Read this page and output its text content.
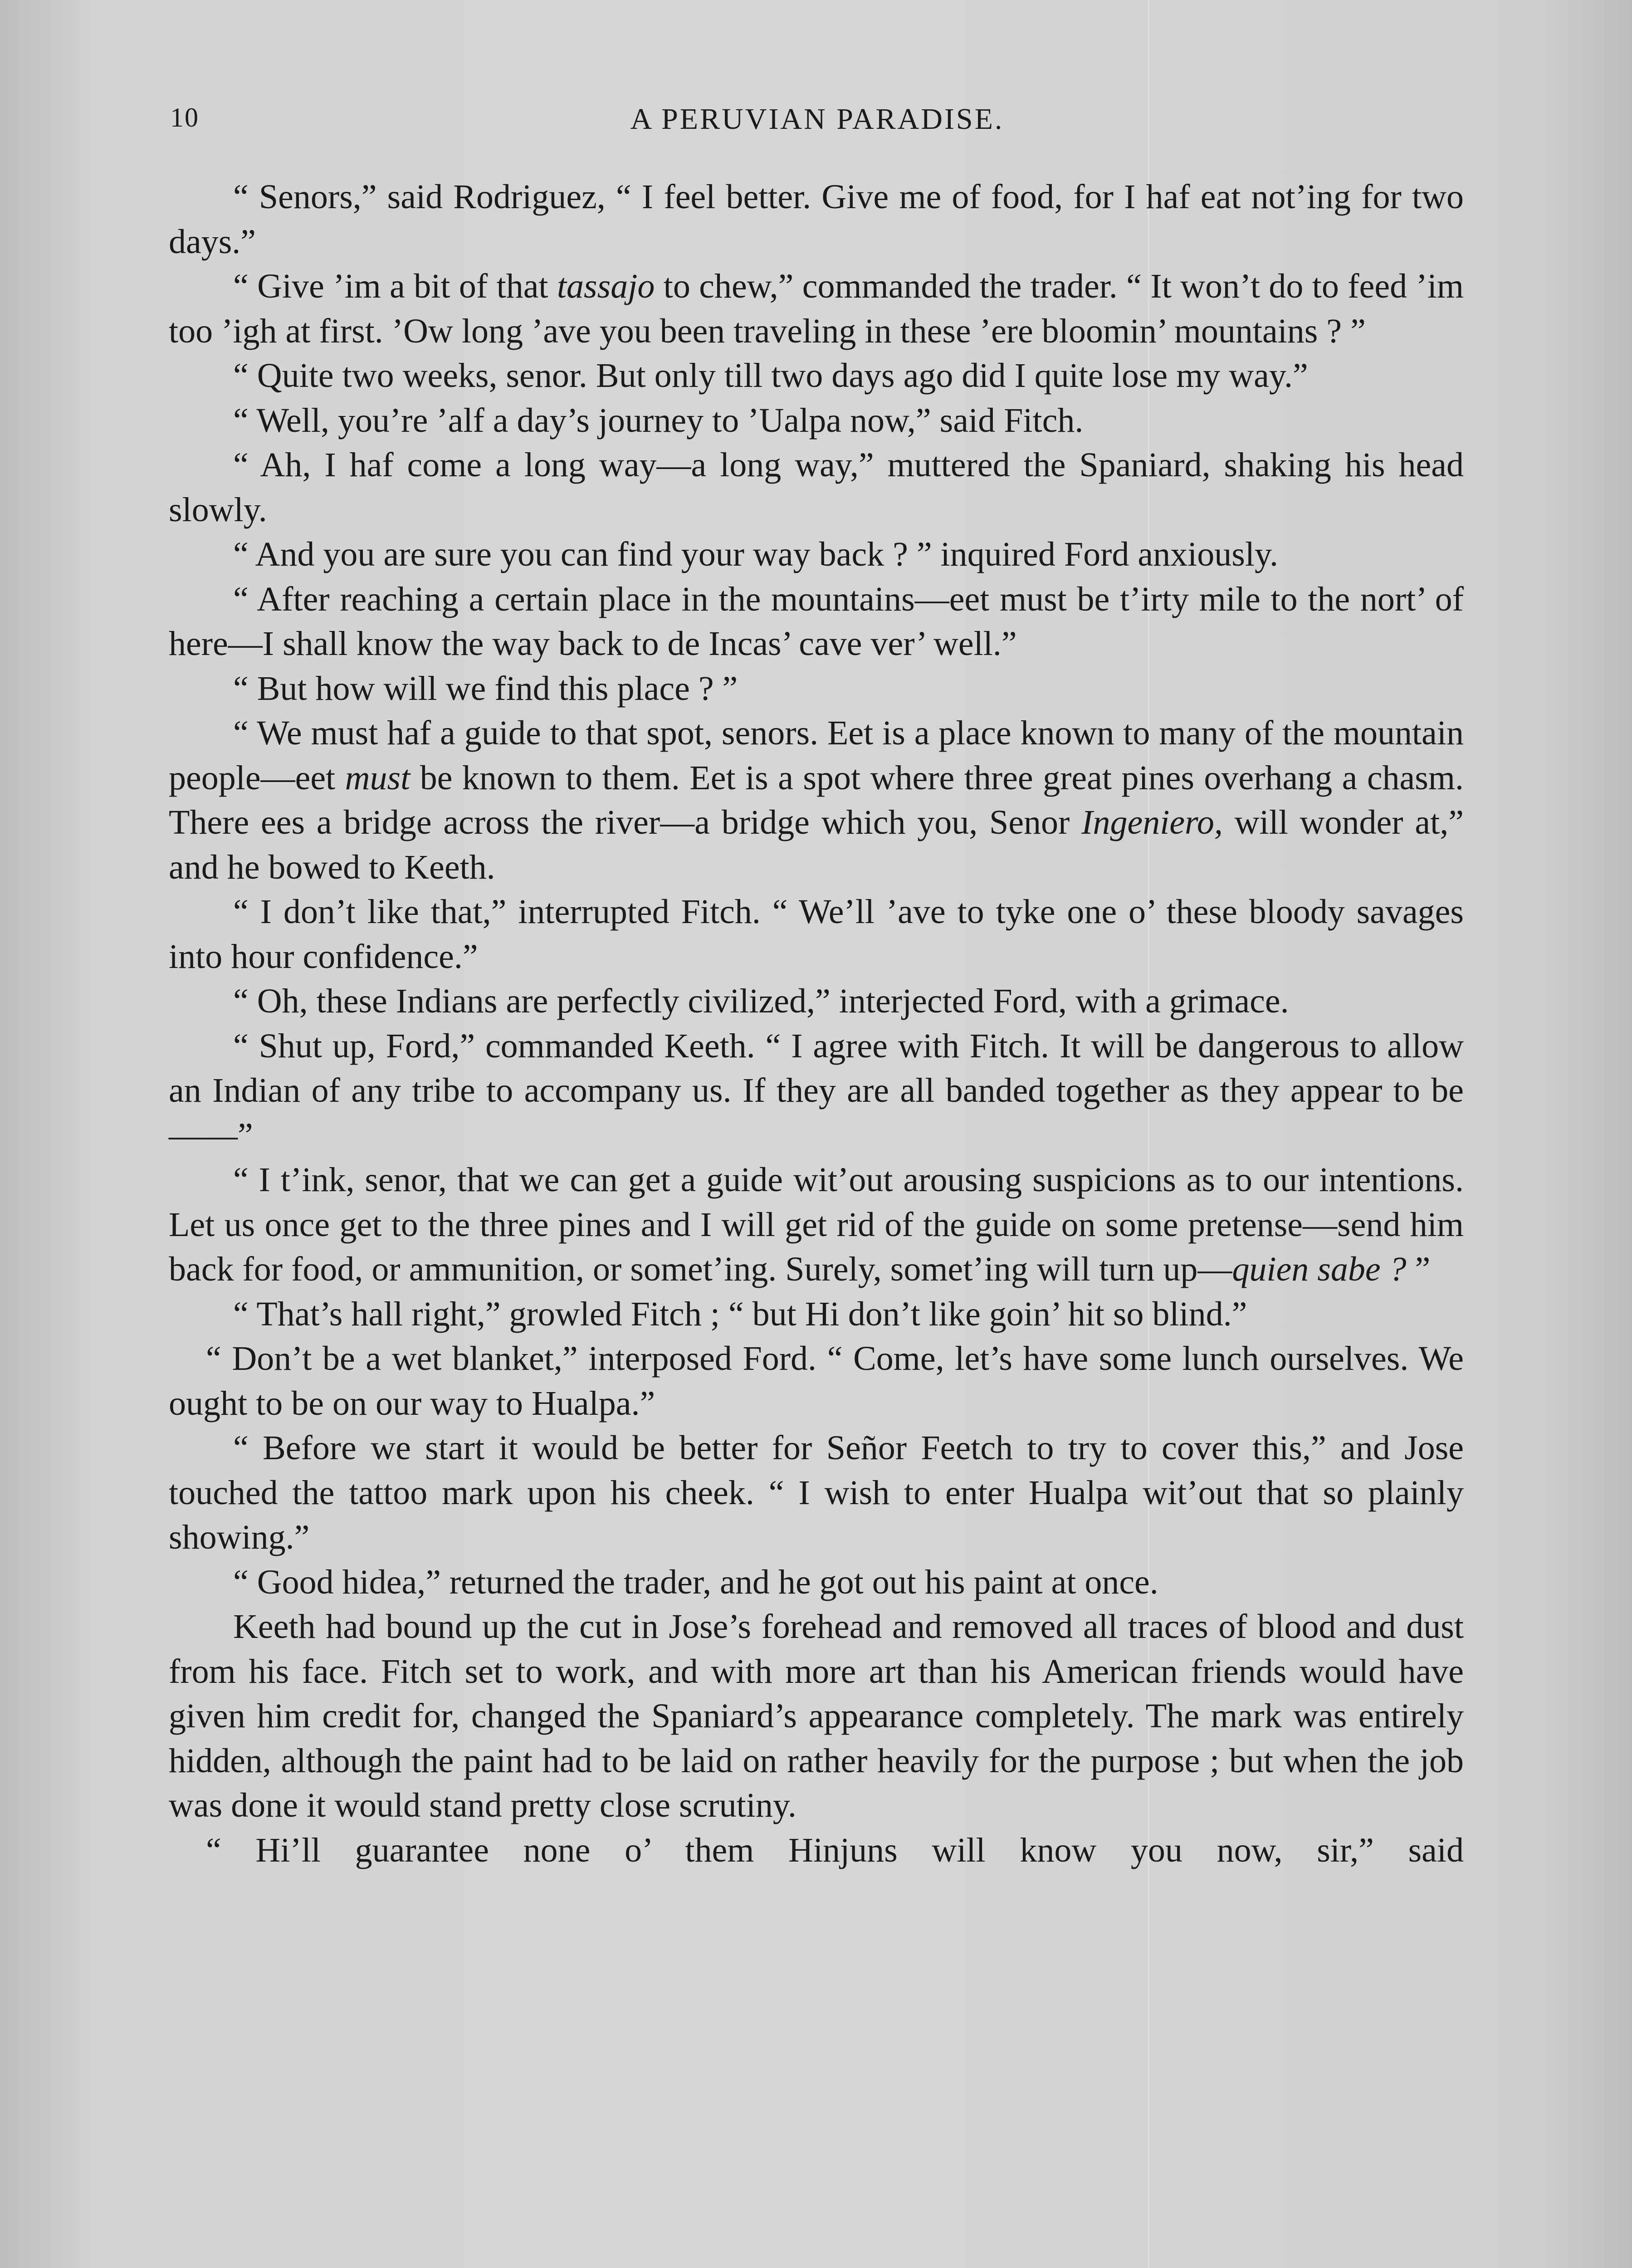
10	A PERUVIAN PARADISE.

“ Senors,” said Rodriguez, “ I feel better. Give me of food, for I haf eat not’ing for two days.”

“ Give ’im a bit of that tassajo to chew,” commanded the trader. “ It won’t do to feed ’im too ’igh at first. ’Ow long ’ave you been traveling in these ’ere bloomin’ mountains ? ”

“ Quite two weeks, senor. But only till two days ago did I quite lose my way.”

“ Well, you’re ’alf a day’s journey to ’Ualpa now,” said Fitch.

“ Ah, I haf come a long way—a long way,” muttered the Spaniard, shaking his head slowly.

“ And you are sure you can find your way back ? ” inquired Ford anxiously.

“ After reaching a certain place in the mountains—eet must be t’irty mile to the nort’ of here—I shall know the way back to de Incas’ cave ver’ well.”

“ But how will we find this place ? ”

“ We must haf a guide to that spot, senors. Eet is a place known to many of the mountain people—eet must be known to them. Eet is a spot where three great pines overhang a chasm. There ees a bridge across the river—a bridge which you, Senor Ingeniero, will wonder at,” and he bowed to Keeth.

“ I don’t like that,” interrupted Fitch. “ We’ll ’ave to tyke one o’ these bloody savages into hour confidence.”

“ Oh, these Indians are perfectly civilized,” interjected Ford, with a grimace.

“ Shut up, Ford,” commanded Keeth. “ I agree with Fitch. It will be dangerous to allow an Indian of any tribe to accompany us. If they are all banded together as they appear to be——”

“ I t’ink, senor, that we can get a guide wit’out arousing suspicions as to our intentions. Let us once get to the three pines and I will get rid of the guide on some pretense—send him back for food, or ammunition, or somet’ing. Surely, somet’ing will turn up—quien sabe ? ”

“ That’s hall right,” growled Fitch ; “ but Hi don’t like goin’ hit so blind.”

“ Don’t be a wet blanket,” interposed Ford. “ Come, let’s have some lunch ourselves. We ought to be on our way to Hualpa.”

“ Before we start it would be better for Señor Feetch to try to cover this,” and Jose touched the tattoo mark upon his cheek. “ I wish to enter Hualpa wit’out that so plainly showing.”

“ Good hidea,” returned the trader, and he got out his paint at once.

Keeth had bound up the cut in Jose’s forehead and removed all traces of blood and dust from his face. Fitch set to work, and with more art than his American friends would have given him credit for, changed the Spaniard’s appearance completely. The mark was entirely hidden, although the paint had to be laid on rather heavily for the purpose ; but when the job was done it would stand pretty close scrutiny.

“ Hi’ll guarantee none o’ them Hinjuns will know you now, sir,” said
